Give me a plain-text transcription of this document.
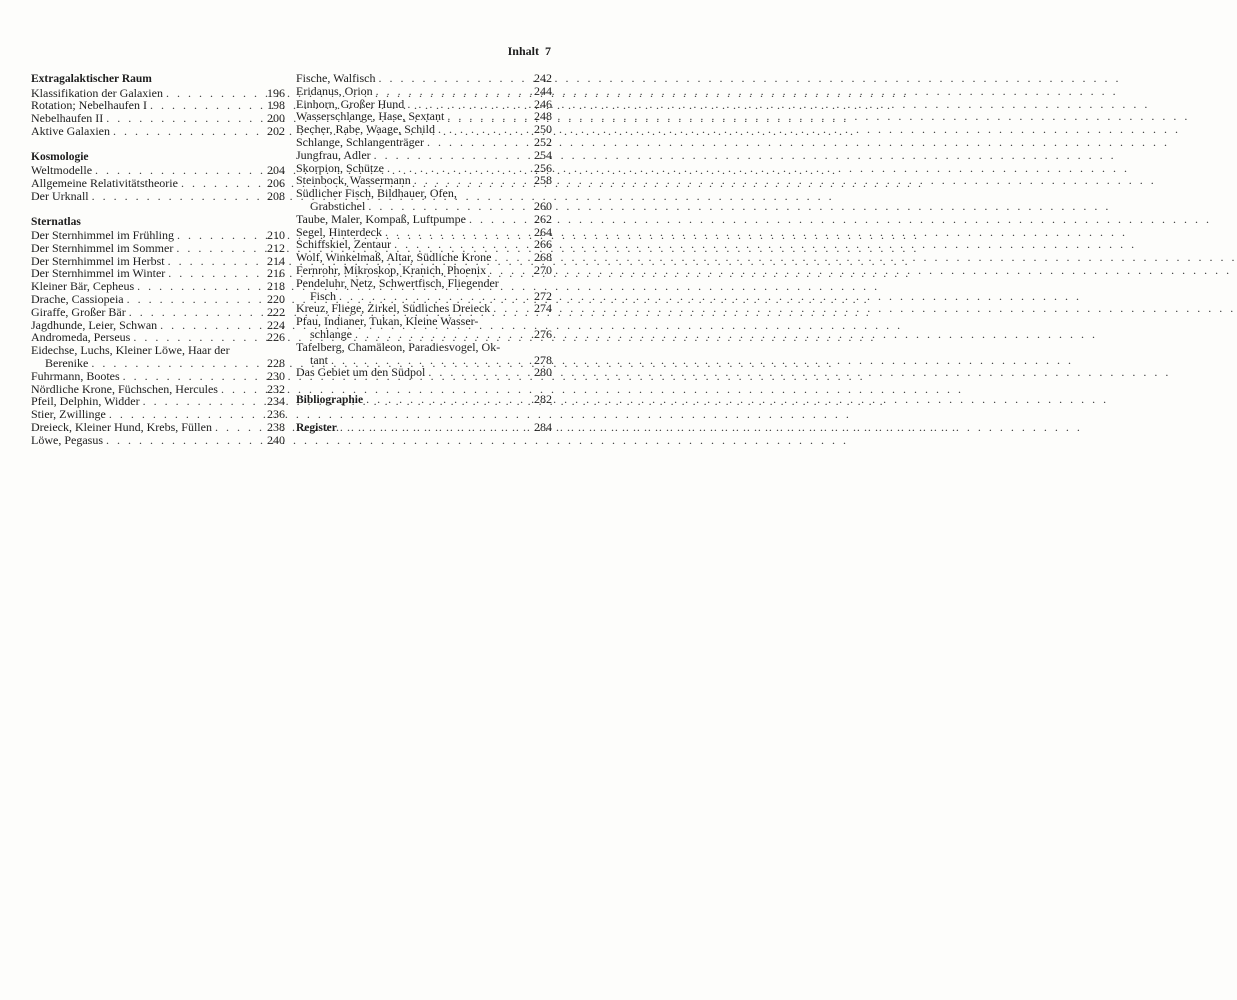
Inhalt 7
Extragalaktischer Raum
Klassifikation der Galaxien . . .	196
Rotation; Nebelhaufen I . . .	198
Nebelhaufen II . . .	200
Aktive Galaxien . . .	202
Kosmologie
Weltmodelle . . .	204
Allgemeine Relativitätstheorie . . .	206
Der Urknall . . .	208
Sternatlas
Der Sternhimmel im Frühling . . .	210
Der Sternhimmel im Sommer . . .	212
Der Sternhimmel im Herbst . . .	214
Der Sternhimmel im Winter . . .	216
Kleiner Bär, Cepheus . . .	218
Drache, Cassiopeia . . .	220
Giraffe, Großer Bär . . .	222
Jagdhunde, Leier, Schwan . . .	224
Andromeda, Perseus . . .	226
Eidechse, Luchs, Kleiner Löwe, Haar der
Berenike . . .	228
Fuhrmann, Bootes . . .	230
Nördliche Krone, Füchschen, Hercules . . .	232
Pfeil, Delphin, Widder . . .	234
Stier, Zwillinge . . .	236
Dreieck, Kleiner Hund, Krebs, Füllen . . .	238
Löwe, Pegasus . . .	240
Fische, Walfisch . . .	242
Eridanus, Orion . . .	244
Einhorn, Großer Hund . . .	246
Wasserschlange, Hase, Sextant . . .	248
Becher, Rabe, Waage, Schild . . .	250
Schlange, Schlangenträger . . .	252
Jungfrau, Adler . . .	254
Skorpion, Schütze . . .	256
Steinbock, Wassermann . . .	258
Südlicher Fisch, Bildhauer, Ofen,
Grabstichel . . .	260
Taube, Maler, Kompaß, Luftpumpe . . .	262
Segel, Hinterdeck . . .	264
Schiffskiel, Zentaur . . .	266
Wolf, Winkelmaß, Altar, Südliche Krone . . .	268
Fernrohr, Mikroskop, Kranich, Phoenix . . .	270
Pendeluhr, Netz, Schwertfisch, Fliegender
Fisch . . .	272
Kreuz, Fliege, Zirkel, Südliches Dreieck . . .	274
Pfau, Indianer, Tukan, Kleine Wasser-
schlange . . .	276
Tafelberg, Chamäleon, Paradiesvogel, Ok-
tant . . .	278
Das Gebiet um den Südpol . . .	280
Bibliographie . . .	282
Register . . .	284
